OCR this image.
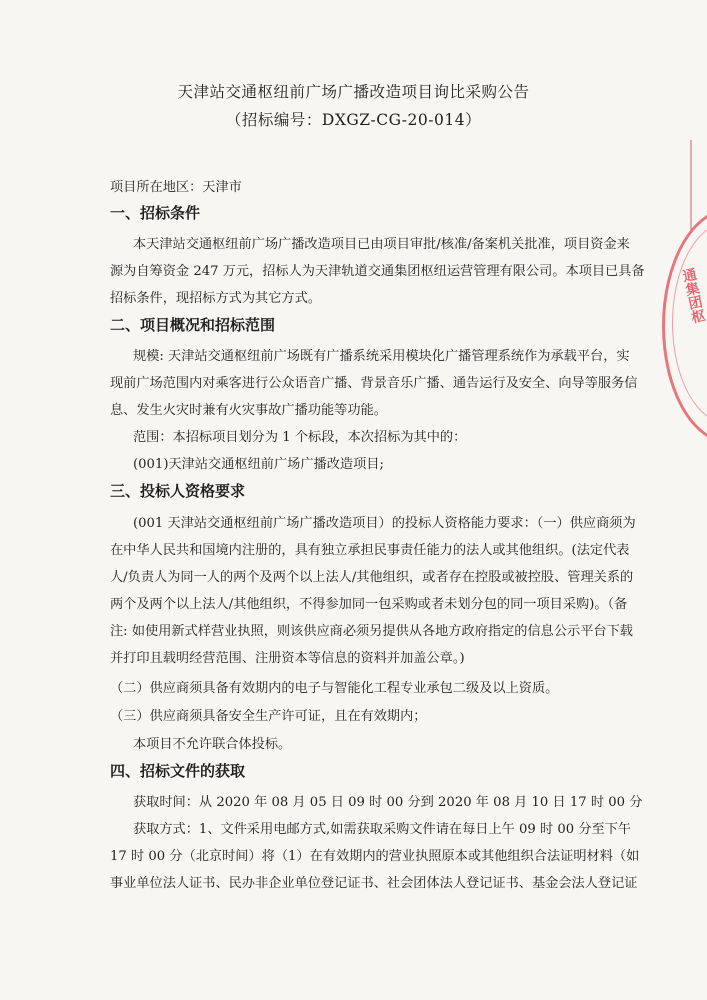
通集团枢
天津站交通枢纽前广场广播改造项目询比采购公告
（招标编号：DXGZ-CG-20-014）
项目所在地区：天津市
一、招标条件
本天津站交通枢纽前广场广播改造项目已由项目审批/核准/备案机关批准，项目资金来
源为自筹资金 247 万元，招标人为天津轨道交通集团枢纽运营管理有限公司。本项目已具备
招标条件，现招标方式为其它方式。
二、项目概况和招标范围
规模: 天津站交通枢纽前广场既有广播系统采用模块化广播管理系统作为承载平台，实
现前广场范围内对乘客进行公众语音广播、背景音乐广播、通告运行及安全、向导等服务信
息、发生火灾时兼有火灾事故广播功能等功能。
范围：本招标项目划分为 1 个标段，本次招标为其中的：
(001)天津站交通枢纽前广场广播改造项目;
三、投标人资格要求
(001 天津站交通枢纽前广场广播改造项目）的投标人资格能力要求：（一）供应商须为
在中华人民共和国境内注册的，具有独立承担民事责任能力的法人或其他组织。(法定代表
人/负责人为同一人的两个及两个以上法人/其他组织，或者存在控股或被控股、管理关系的
两个及两个以上法人/其他组织，不得参加同一包采购或者未划分包的同一项目采购)。（备
注: 如使用新式样营业执照，则该供应商必须另提供从各地方政府指定的信息公示平台下载
并打印且载明经营范围、注册资本等信息的资料并加盖公章。)
（二）供应商须具备有效期内的电子与智能化工程专业承包二级及以上资质。
（三）供应商须具备安全生产许可证，且在有效期内；
本项目不允许联合体投标。
四、招标文件的获取
获取时间：从 2020 年 08 月 05 日 09 时 00 分到 2020 年 08 月 10 日 17 时 00 分
获取方式：1、文件采用电邮方式,如需获取采购文件请在每日上午 09 时 00 分至下午
17 时 00 分（北京时间）将（1）在有效期内的营业执照原本或其他组织合法证明材料（如
事业单位法人证书、民办非企业单位登记证书、社会团体法人登记证书、基金会法人登记证
